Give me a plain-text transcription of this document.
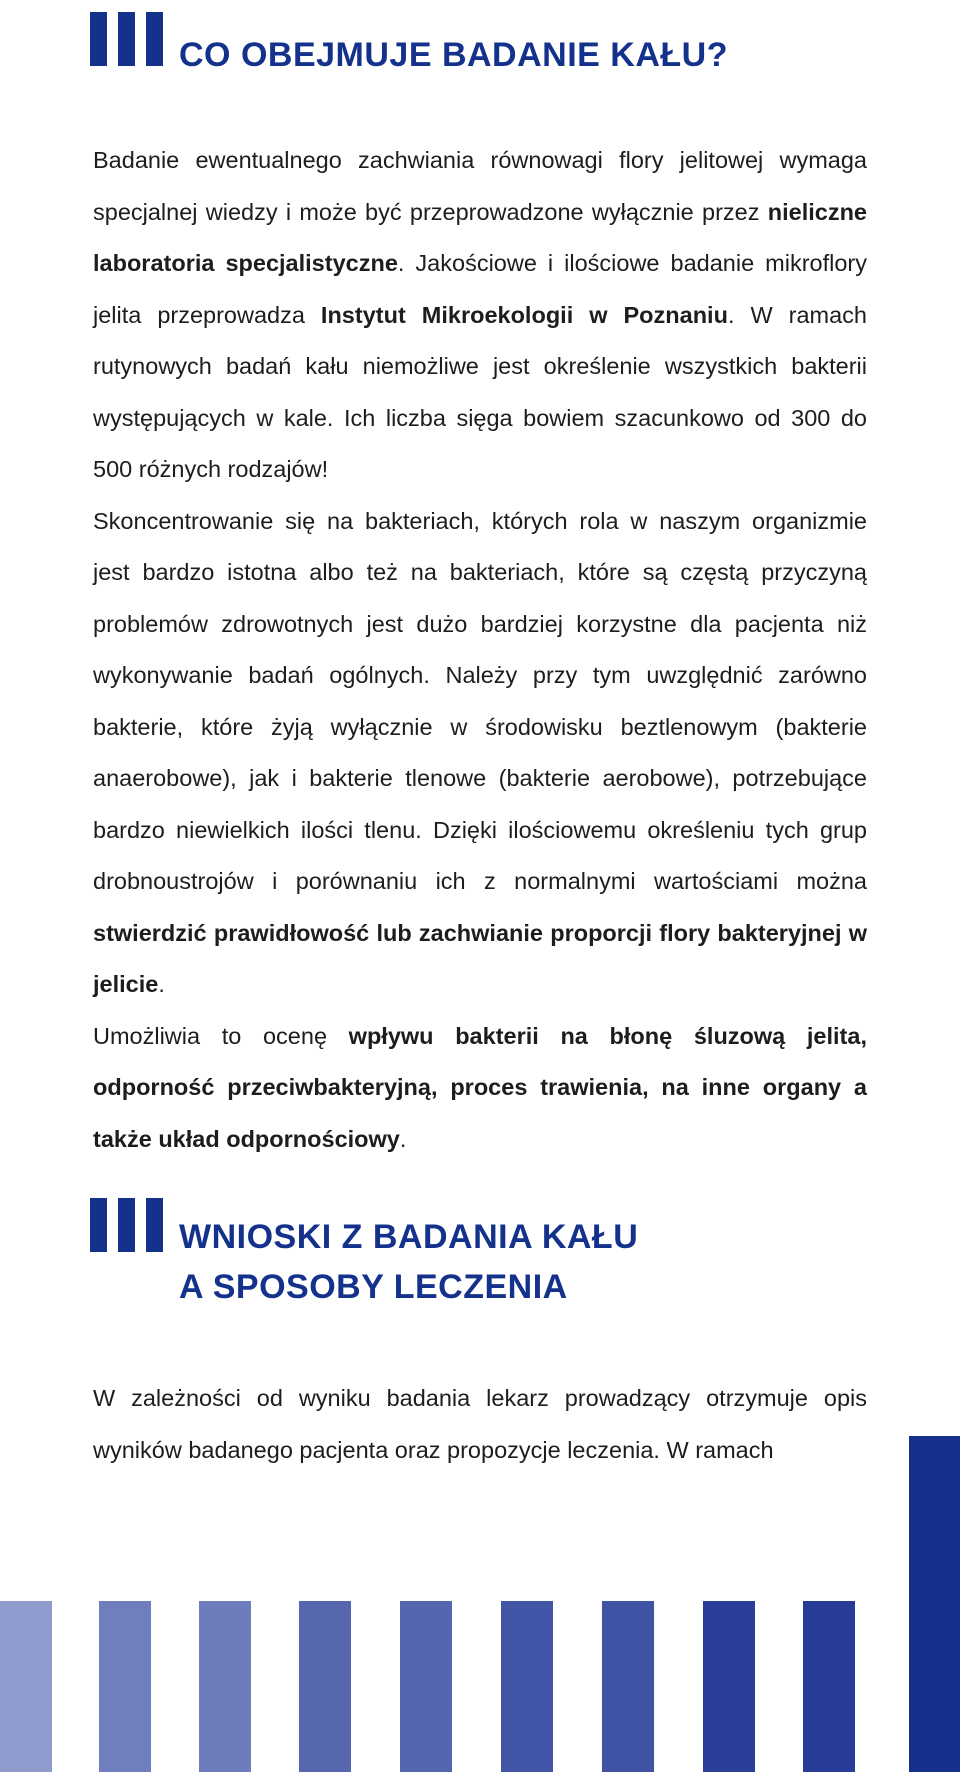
CO OBEJMUJE BADANIE KAŁU?

Badanie ewentualnego zachwiania równowagi flory jelitowej wymaga specjalnej wiedzy i może być przeprowadzone wyłącznie przez nieliczne laboratoria specjalistyczne. Jakościowe i ilościowe badanie mikroflory jelita przeprowadza Instytut Mikroekologii w Poznaniu. W ramach rutynowych badań kału niemożliwe jest określenie wszystkich bakterii występujących w kale. Ich liczba sięga bowiem szacunkowo od 300 do 500 różnych rodzajów!

Skoncentrowanie się na bakteriach, których rola w naszym organizmie jest bardzo istotna albo też na bakteriach, które są częstą przyczyną problemów zdrowotnych jest dużo bardziej korzystne dla pacjenta niż wykonywanie badań ogólnych. Należy przy tym uwzględnić zarówno bakterie, które żyją wyłącznie w środowisku beztlenowym (bakterie anaerobowe), jak i bakterie tlenowe (bakterie aerobowe), potrzebujące bardzo niewielkich ilości tlenu. Dzięki ilościowemu określeniu tych grup drobnoustrojów i porównaniu ich z normalnymi wartościami można stwierdzić prawidłowość lub zachwianie proporcji flory bakteryjnej w jelicie.

Umożliwia to ocenę wpływu bakterii na błonę śluzową jelita, odporność przeciwbakteryjną, proces trawienia, na inne organy a także układ odpornościowy.

WNIOSKI Z BADANIA KAŁU
A SPOSOBY LECZENIA

W zależności od wyniku badania lekarz prowadzący otrzymuje opis wyników badanego pacjenta oraz propozycje leczenia. W ramach
